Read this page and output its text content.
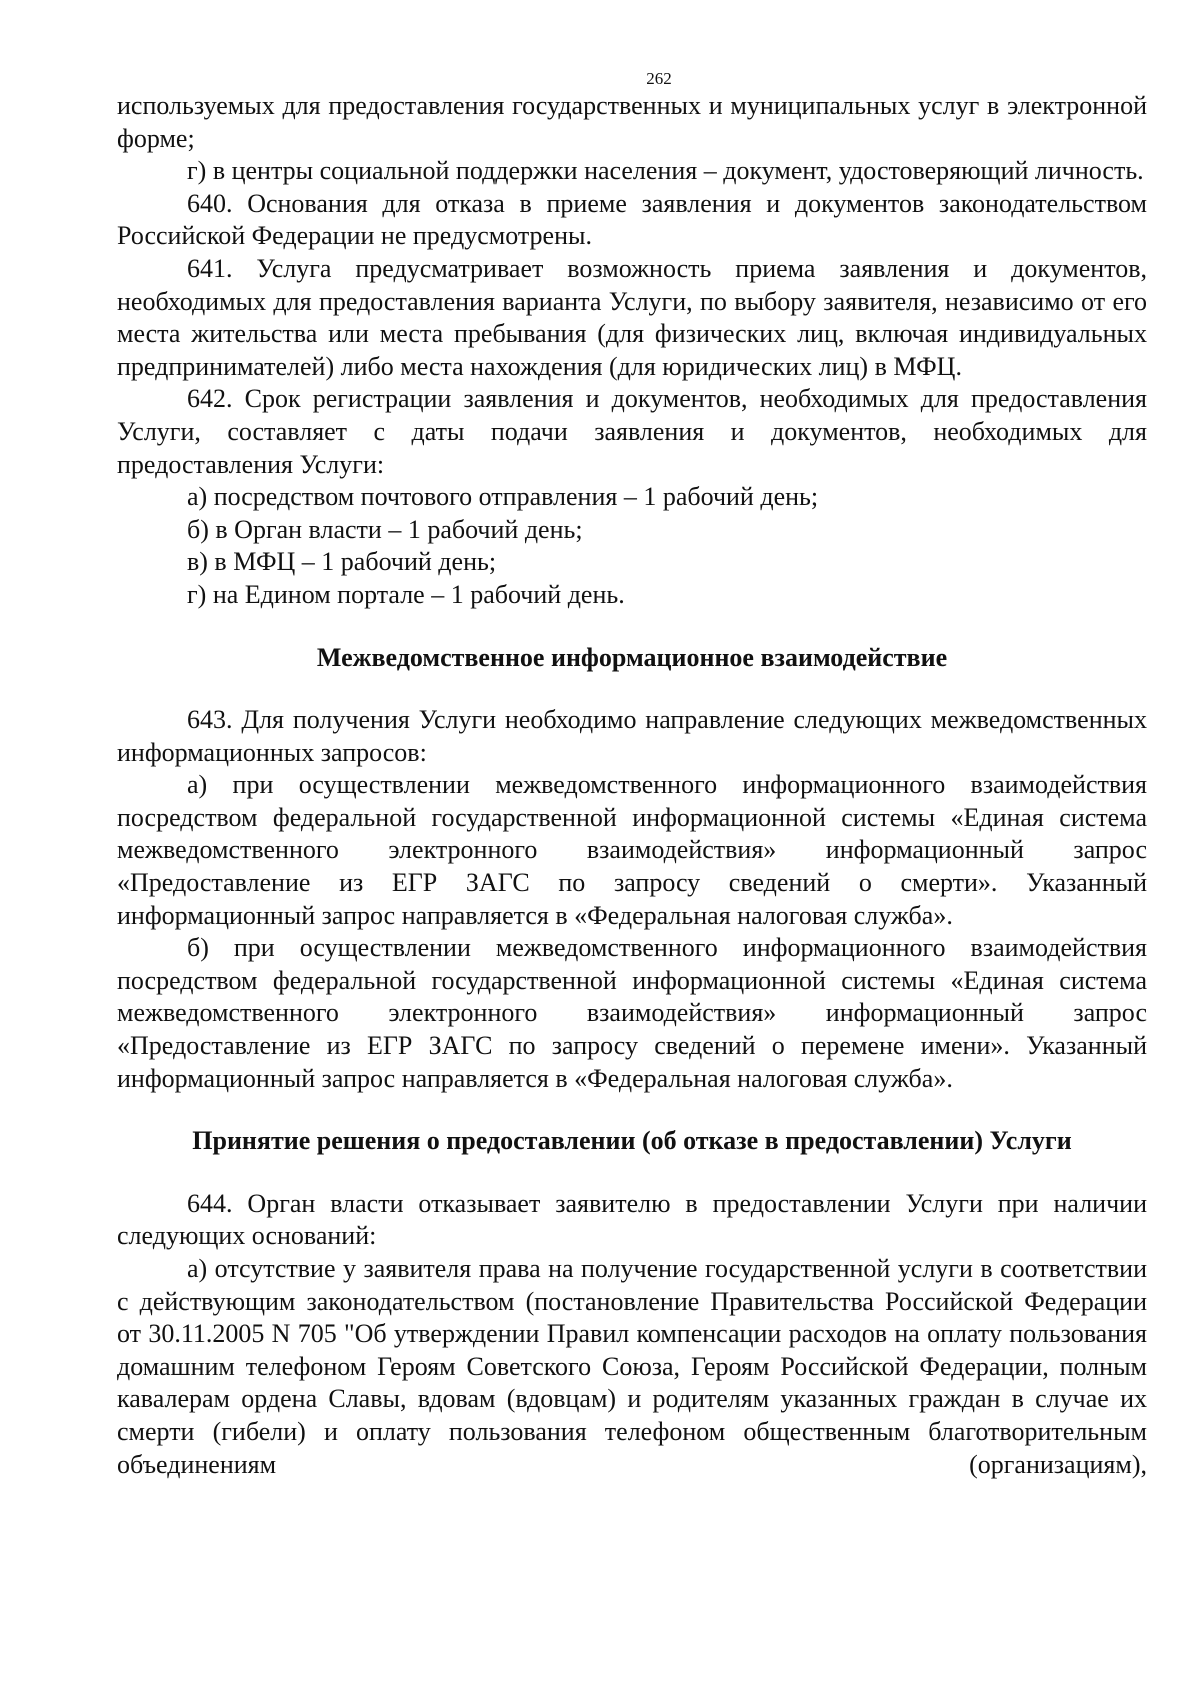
262

используемых для предоставления государственных и муниципальных услуг в электронной форме;

г) в центры социальной поддержки населения – документ, удостоверяющий личность.

640. Основания для отказа в приеме заявления и документов законодательством Российской Федерации не предусмотрены.

641. Услуга предусматривает возможность приема заявления и документов, необходимых для предоставления варианта Услуги, по выбору заявителя, независимо от его места жительства или места пребывания (для физических лиц, включая индивидуальных предпринимателей) либо места нахождения (для юридических лиц) в МФЦ.

642. Срок регистрации заявления и документов, необходимых для предоставления Услуги, составляет с даты подачи заявления и документов, необходимых для предоставления Услуги:

а) посредством почтового отправления – 1 рабочий день;

б) в Орган власти – 1 рабочий день;

в) в МФЦ – 1 рабочий день;

г) на Едином портале – 1 рабочий день.

Межведомственное информационное взаимодействие

643. Для получения Услуги необходимо направление следующих межведомственных информационных запросов:

а) при осуществлении межведомственного информационного взаимодействия посредством федеральной государственной информационной системы «Единая система межведомственного электронного взаимодействия» информационный запрос «Предоставление из ЕГР ЗАГС по запросу сведений о смерти». Указанный информационный запрос направляется в «Федеральная налоговая служба».

б) при осуществлении межведомственного информационного взаимодействия посредством федеральной государственной информационной системы «Единая система межведомственного электронного взаимодействия» информационный запрос «Предоставление из ЕГР ЗАГС по запросу сведений о перемене имени». Указанный информационный запрос направляется в «Федеральная налоговая служба».

Принятие решения о предоставлении (об отказе в предоставлении) Услуги

644. Орган власти отказывает заявителю в предоставлении Услуги при наличии следующих оснований:

а) отсутствие у заявителя права на получение государственной услуги в соответствии с действующим законодательством (постановление Правительства Российской Федерации от 30.11.2005 N 705 "Об утверждении Правил компенсации расходов на оплату пользования домашним телефоном Героям Советского Союза, Героям Российской Федерации, полным кавалерам ордена Славы, вдовам (вдовцам) и родителям указанных граждан в случае их смерти (гибели) и оплату пользования телефоном общественным благотворительным объединениям (организациям),
